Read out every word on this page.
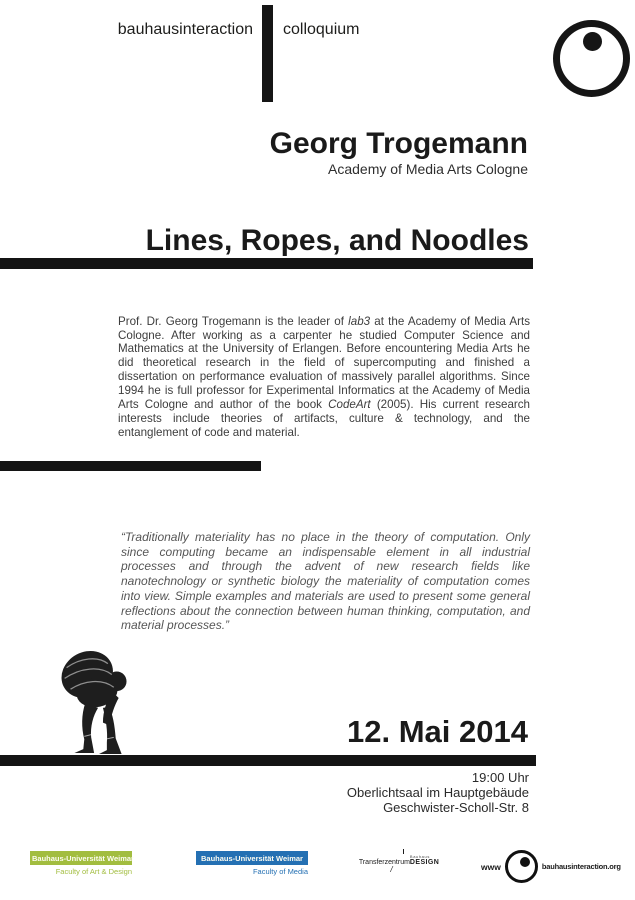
bauhausinteraction colloquium
Georg Trogemann
Academy of Media Arts Cologne
Lines, Ropes, and Noodles

Prof. Dr. Georg Trogemann is the leader of lab3 at the Academy of Media Arts Cologne. After working as a carpenter he studied Computer Science and Mathematics at the University of Erlangen. Before encountering Media Arts he did theoretical research in the field of supercomputing and finished a dissertation on performance evaluation of massively parallel algorithms. Since 1994 he is full professor for Experimental Informatics at the Academy of Media Arts Cologne and author of the book CodeArt (2005). His current research interests include theories of artifacts, culture & technology, and the entanglement of code and material.

“Traditionally materiality has no place in the theory of computation. Only since computing became an indispensable element in all industrial processes and through the advent of new research fields like nanotechnology or synthetic biology the materiality of computation comes into view. Simple examples and materials are used to present some general reflections about the connection between human thinking, computation, and material processes.”

12. Mai 2014
19:00 Uhr
Oberlichtsaal im Hauptgebäude
Geschwister-Scholl-Str. 8
Bauhaus-Universität Weimar
Faculty of Art & Design
Bauhaus-Universität Weimar
Faculty of Media
Transferzentrum
Bauhaus
DESIGN
/	www	bauhausinteraction.org
